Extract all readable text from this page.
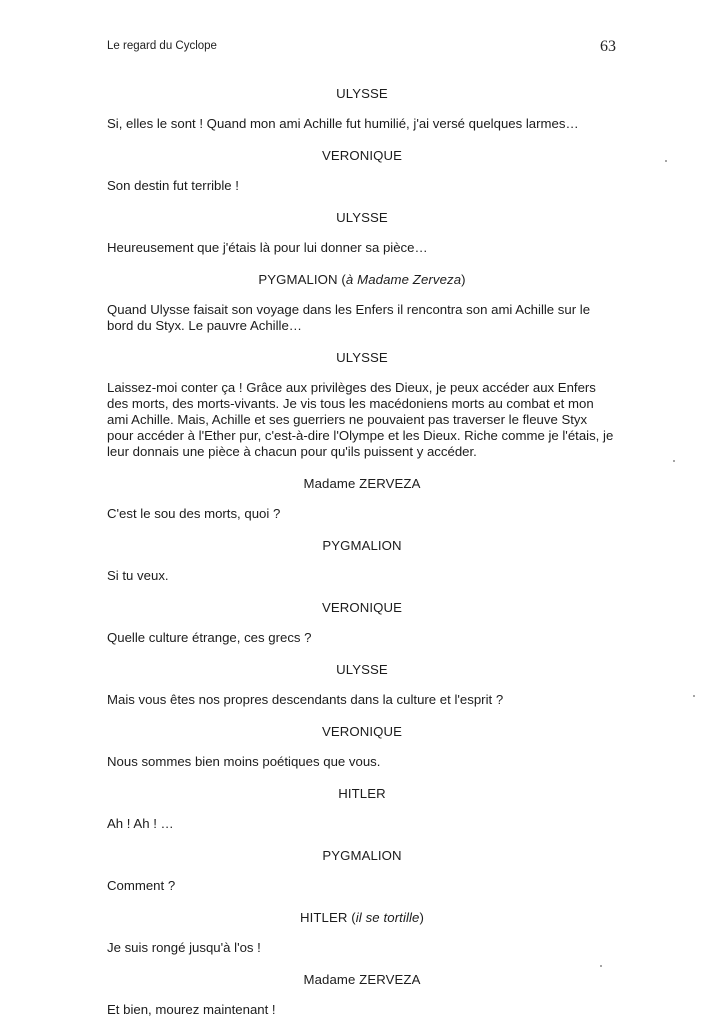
Le regard du Cyclope	63
ULYSSE
Si, elles le sont ! Quand mon ami Achille fut humilié, j'ai versé quelques larmes…
VERONIQUE
Son destin fut terrible !
ULYSSE
Heureusement que j'étais là pour lui donner sa pièce…
PYGMALION (à Madame Zerveza)
Quand Ulysse faisait son voyage dans les Enfers il rencontra son ami Achille sur le bord du Styx. Le pauvre Achille…
ULYSSE
Laissez-moi conter ça ! Grâce aux privilèges des Dieux, je peux accéder aux Enfers des morts, des morts-vivants. Je vis tous les macédoniens morts au combat et mon ami Achille. Mais, Achille et ses guerriers ne pouvaient pas traverser le fleuve Styx pour accéder à l'Ether pur, c'est-à-dire l'Olympe et les Dieux. Riche comme je l'étais, je leur donnais une pièce à chacun pour qu'ils puissent y accéder.
Madame ZERVEZA
C'est le sou des morts, quoi ?
PYGMALION
Si tu veux.
VERONIQUE
Quelle culture étrange, ces grecs ?
ULYSSE
Mais vous êtes nos propres descendants dans la culture et l'esprit ?
VERONIQUE
Nous sommes bien moins poétiques que vous.
HITLER
Ah ! Ah ! …
PYGMALION
Comment ?
HITLER (il se tortille)
Je suis rongé jusqu'à l'os !
Madame ZERVEZA
Et bien, mourez maintenant !
